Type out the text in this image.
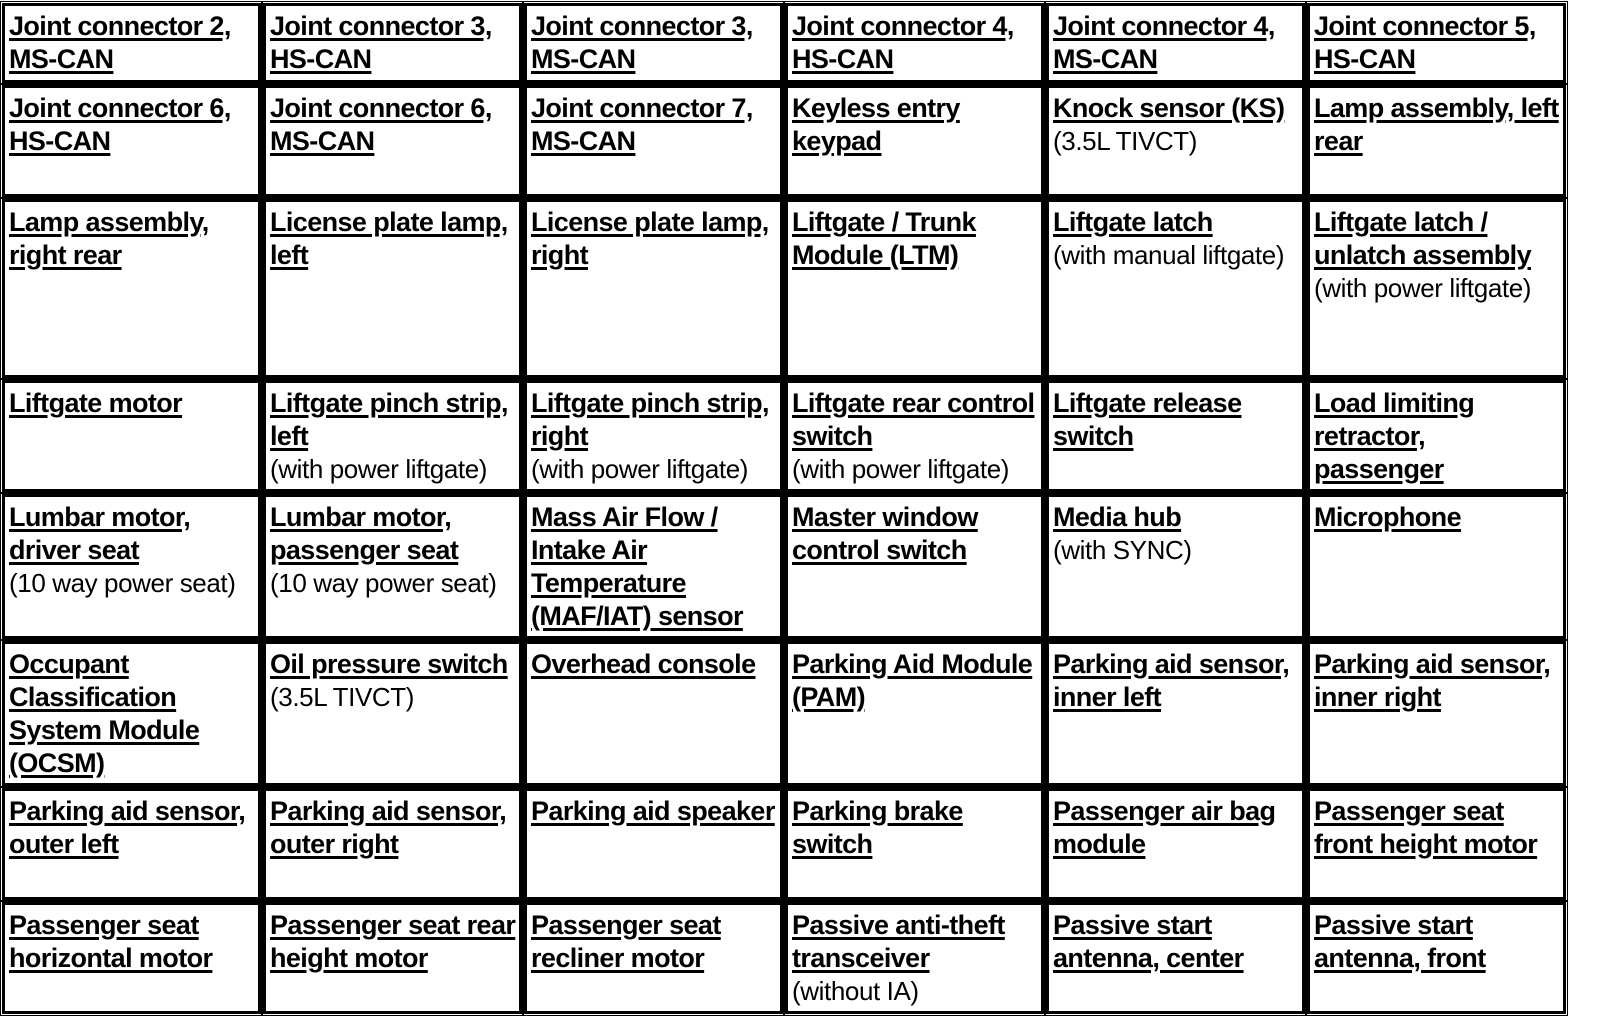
Joint connector 2, MS-CAN
Joint connector 3, HS-CAN
Joint connector 3, MS-CAN
Joint connector 4, HS-CAN
Joint connector 4, MS-CAN
Joint connector 5, HS-CAN
Joint connector 6, HS-CAN
Joint connector 6, MS-CAN
Joint connector 7, MS-CAN
Keyless entry keypad
Knock sensor (KS)
(3.5L TIVCT)
Lamp assembly, left rear
Lamp assembly, right rear
License plate lamp, left
License plate lamp, right
Liftgate / Trunk Module (LTM)
Liftgate latch
(with manual liftgate)
Liftgate latch / unlatch assembly
(with power liftgate)
Liftgate motor	Liftgate pinch strip, left
(with power liftgate)
Liftgate pinch strip, right
(with power liftgate)
Liftgate rear control switch
(with power liftgate)
Liftgate release switch
Load limiting retractor, passenger
Lumbar motor, driver seat
(10 way power seat)
Lumbar motor, passenger seat
(10 way power seat)
Mass Air Flow / Intake Air Temperature (MAF/IAT) sensor
Master window control switch
Media hub
(with SYNC)
Microphone
Occupant Classification System Module (OCSM)
Oil pressure switch
(3.5L TIVCT)
Overhead console	Parking Aid Module (PAM)
Parking aid sensor, inner left
Parking aid sensor, inner right
Parking aid sensor, outer left
Parking aid sensor, outer right
Parking aid speaker Parking brake switch
Passenger air bag module
Passenger seat front height motor
Passenger seat horizontal motor
Passenger seat rear height motor
Passenger seat recliner motor
Passive anti-theft transceiver
(without IA)
Passive start antenna, center
Passive start antenna, front
